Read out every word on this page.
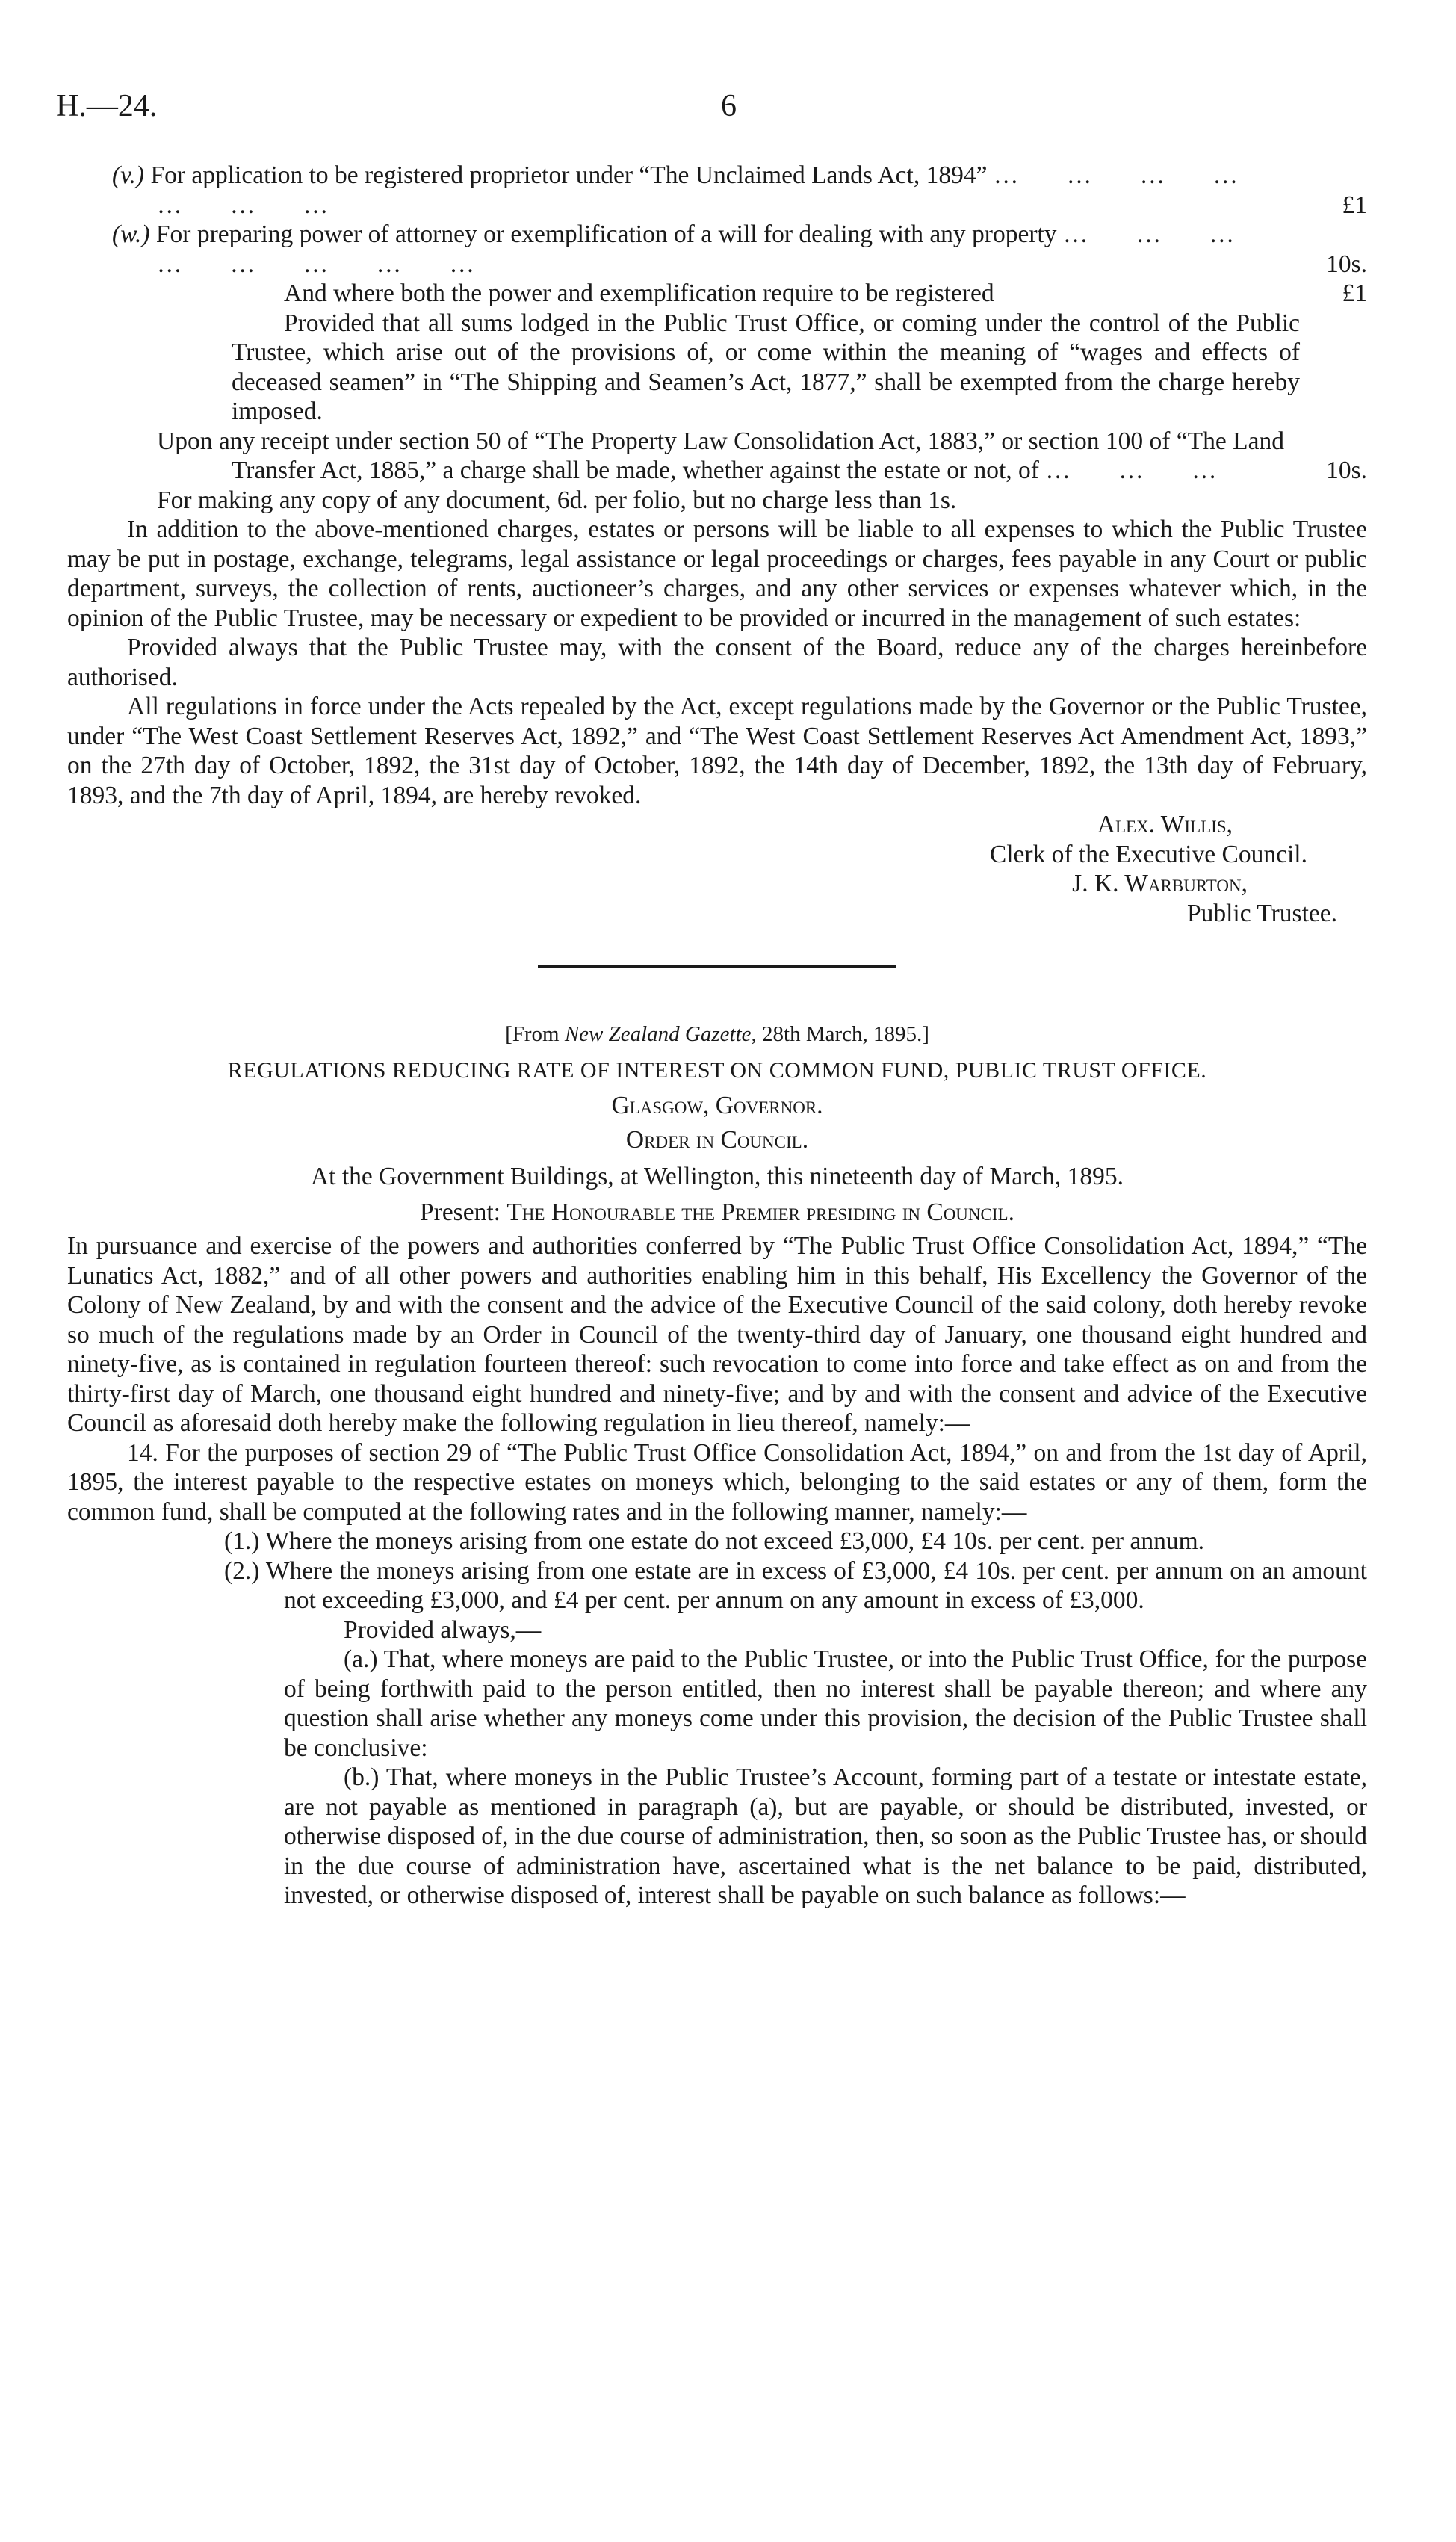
H.—24.	6
(v.) For application to be registered proprietor under “The Unclaimed Lands Act, 1894” … … … … … … …	£1
(w.) For preparing power of attorney or exemplification of a will for dealing with any property … … … … … … … …	10s.
And where both the power and exemplification require to be registered	£1

Provided that all sums lodged in the Public Trust Office, or coming under the control of the Public Trustee, which arise out of the provisions of, or come within the meaning of “wages and effects of deceased seamen” in “The Shipping and Seamen’s Act, 1877,” shall be exempted from the charge hereby imposed.

Upon any receipt under section 50 of “The Property Law Consolidation Act, 1883,” or section 100 of “The Land Transfer Act, 1885,” a charge shall be made, whether against the estate or not, of … … …	10s.

For making any copy of any document, 6d. per folio, but no charge less than 1s.

In addition to the above-mentioned charges, estates or persons will be liable to all expenses to which the Public Trustee may be put in postage, exchange, telegrams, legal assistance or legal proceedings or charges, fees payable in any Court or public department, surveys, the collection of rents, auctioneer’s charges, and any other services or expenses whatever which, in the opinion of the Public Trustee, may be necessary or expedient to be provided or incurred in the management of such estates:

Provided always that the Public Trustee may, with the consent of the Board, reduce any of the charges hereinbefore authorised.

All regulations in force under the Acts repealed by the Act, except regulations made by the Governor or the Public Trustee, under “The West Coast Settlement Reserves Act, 1892,” and “The West Coast Settlement Reserves Act Amendment Act, 1893,” on the 27th day of October, 1892, the 31st day of October, 1892, the 14th day of December, 1892, the 13th day of February, 1893, and the 7th day of April, 1894, are hereby revoked.

Alex. Willis,
Clerk of the Executive Council.
J. K. Warburton,
Public Trustee.
[From New Zealand Gazette, 28th March, 1895.]
REGULATIONS REDUCING RATE OF INTEREST ON COMMON FUND, PUBLIC TRUST OFFICE.
Glasgow, Governor.
Order in Council.
At the Government Buildings, at Wellington, this nineteenth day of March, 1895.
Present: The Honourable the Premier presiding in Council.

In pursuance and exercise of the powers and authorities conferred by “The Public Trust Office Consolidation Act, 1894,” “The Lunatics Act, 1882,” and of all other powers and authorities enabling him in this behalf, His Excellency the Governor of the Colony of New Zealand, by and with the consent and the advice of the Executive Council of the said colony, doth hereby revoke so much of the regulations made by an Order in Council of the twenty-third day of January, one thousand eight hundred and ninety-five, as is contained in regulation fourteen thereof: such revocation to come into force and take effect as on and from the thirty-first day of March, one thousand eight hundred and ninety-five; and by and with the consent and advice of the Executive Council as aforesaid doth hereby make the following regulation in lieu thereof, namely:—

14. For the purposes of section 29 of “The Public Trust Office Consolidation Act, 1894,” on and from the 1st day of April, 1895, the interest payable to the respective estates on moneys which, belonging to the said estates or any of them, form the common fund, shall be computed at the following rates and in the following manner, namely:—

(1.) Where the moneys arising from one estate do not exceed £3,000, £4 10s. per cent. per annum.

(2.) Where the moneys arising from one estate are in excess of £3,000, £4 10s. per cent. per annum on an amount not exceeding £3,000, and £4 per cent. per annum on any amount in excess of £3,000.

Provided always,—

(a.) That, where moneys are paid to the Public Trustee, or into the Public Trust Office, for the purpose of being forthwith paid to the person entitled, then no interest shall be payable thereon; and where any question shall arise whether any moneys come under this provision, the decision of the Public Trustee shall be conclusive:

(b.) That, where moneys in the Public Trustee’s Account, forming part of a testate or intestate estate, are not payable as mentioned in paragraph (a), but are payable, or should be distributed, invested, or otherwise disposed of, in the due course of administration, then, so soon as the Public Trustee has, or should in the due course of administration have, ascertained what is the net balance to be paid, distributed, invested, or otherwise disposed of, interest shall be payable on such balance as follows:—
